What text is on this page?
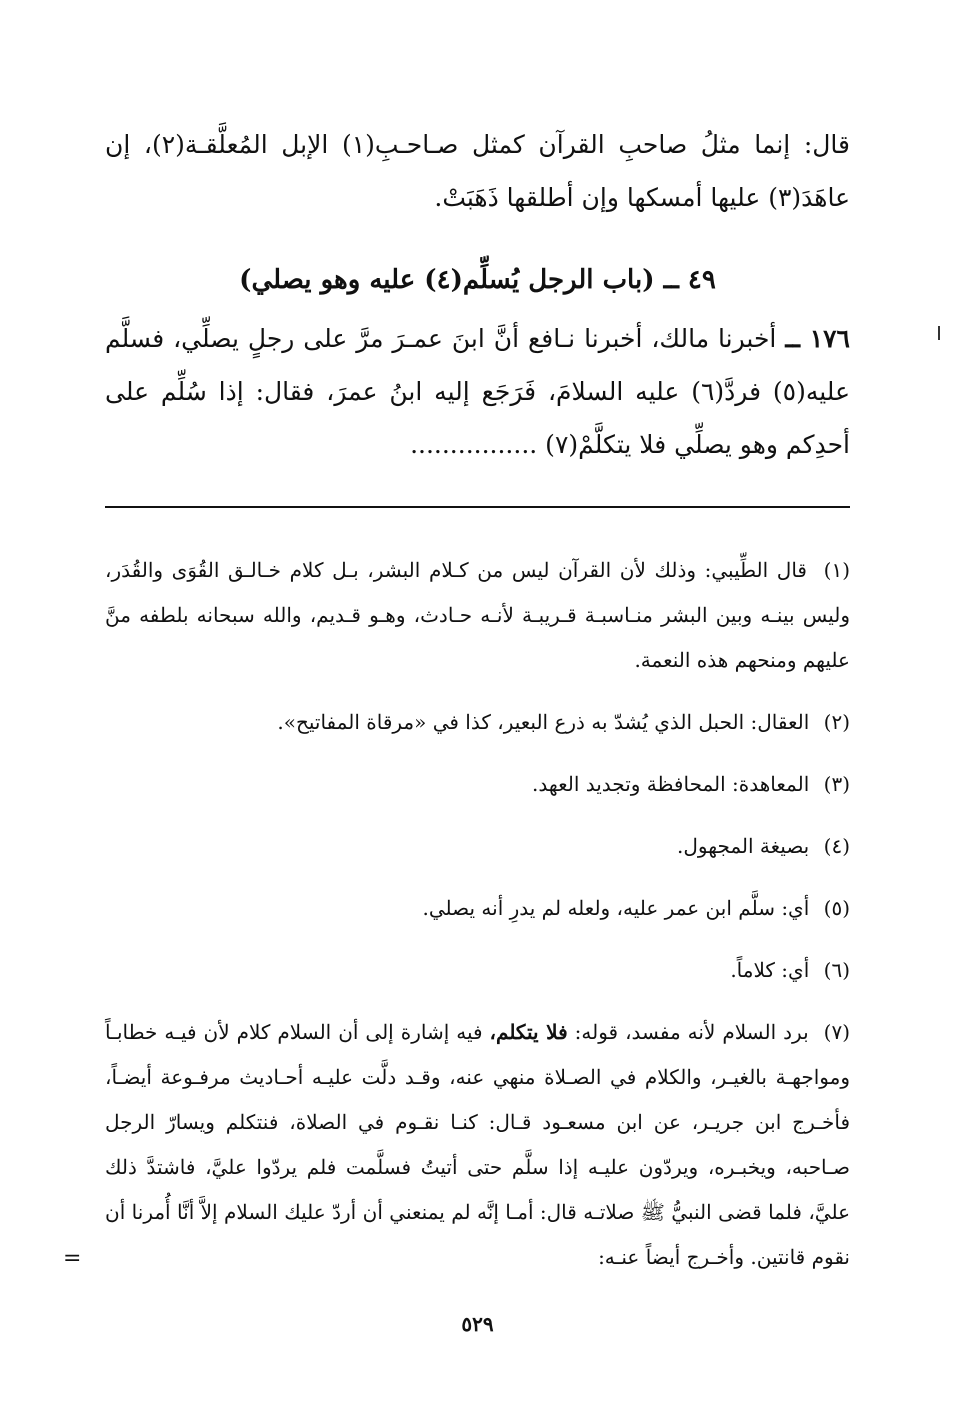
قال: إنما مثلُ صاحبِ القرآن كمثل صـاحـبِ(١) الإبل المُعلَّقـة(٢)، إن عاهَدَ(٣) عليها أمسكها وإن أطلقها ذَهَبَتْ.

٤٩ ــ (باب الرجل يُسلِّم(٤) عليه وهو يصلي)

١٧٦ ــ أخبرنا مالك، أخبرنا نـافع أنَّ ابنَ عمـرَ مرَّ على رجلٍ يصلِّي، فسلَّم عليه(٥) فردَّ(٦) عليه السلامَ، فَرَجَع إليه ابنُ عمرَ، فقال: إذا سُلِّم على أحدِكم وهو يصلِّي فلا يتكلَّمْ(٧) ................

(١) قال الطِّيبي: وذلك لأن القرآن ليس من كـلام البشر، بـل كلام خـالـق القُوَى والقُدَر، وليس بينـه وبين البشر منـاسبـة قـريبـة لأنـه حـادث، وهـو قـديم، والله سبحانه بلطفه منَّ عليهم ومنحهم هذه النعمة.

(٢) العقال: الحبل الذي يُشدّ به ذرع البعير، كذا في «مرقاة المفاتيح».

(٣) المعاهدة: المحافظة وتجديد العهد.

(٤) بصيغة المجهول.

(٥) أي: سلَّم ابن عمر عليه، ولعله لم يدرِ أنه يصلي.

(٦) أي: كلاماً.

(٧) برد السلام لأنه مفسد، قوله: فلا يتكلم، فيه إشارة إلى أن السلام كلام لأن فيـه خطابـاً ومواجهـة بالغيـر، والكلام في الصـلاة منهي عنه، وقـد دلَّت عليـه أحـاديث مرفـوعة أيضـاً، فأخـرج ابن جريـر، عن ابن مسعـود قـال: كنـا نقـوم في الصلاة، فنتكلم ويسارّ الرجل صـاحبه، ويخبـره، ويردّون عليـه إذا سلَّم حتى أتيتُ فسلَّمت فلم يردّوا عليَّ، فاشتدَّ ذلك عليَّ، فلما قضى النبيُّ ﷺ صلاتـه قال: أمـا إنَّه لم يمنعني أن أردّ عليك السلام إلاَّ أنَّا أُمرنا أن نقوم قانتين. وأخـرج أيضاً عنـه:

=
٥٢٩
